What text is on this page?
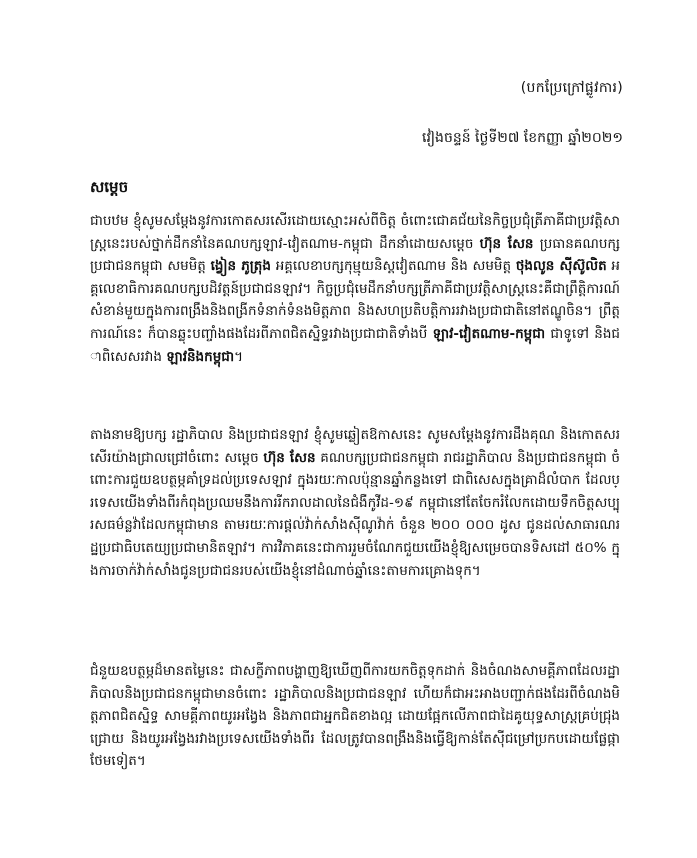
(បកប្រែក្រៅផ្លូវការ)
វៀងចន្ទន៍ ថ្ងៃទី២៧ ខែកញ្ញា ឆ្នាំ២០២១
សម្តេច
ជាបឋម ខ្ញុំសូមសម្តែងនូវការកោតសរសើរដោយស្មោះអស់ពីចិត្ត ចំពោះជោគជ័យនៃកិច្ចប្រជុំត្រីភាគីជាប្រវត្តិសាស្ត្រនេះរបស់ថ្នាក់ដឹកនាំនៃគណបក្សឡាវ-វៀតណាម-កម្ពុជា ដឹកនាំដោយសម្តេច ហ៊ុន សែន ប្រធានគណបក្សប្រជាជនកម្ពុជា សមមិត្ត ង្វៀន ភូត្រុង អគ្គលេខាបក្សកុម្មុយនិស្តវៀតណាម និង សមមិត្ត ថុងលូន ស៊ីស៊ូលិត អគ្គលេខាធិការគណបក្សបដិវត្តន៍ប្រជាជនឡាវ។ កិច្ចប្រជុំមេដឹកនាំបក្សត្រីភាគីជាប្រវត្តិសាស្ត្រនេះគឺជាព្រឹត្តិការណ៍សំខាន់មួយក្នុងការពង្រឹងនិងពង្រីកទំនាក់ទំនងមិត្តភាព និងសហប្រតិបត្តិការរវាងប្រជាជាតិនៅឥណ្ឌូចិន។ ព្រឹត្តការណ៍នេះ ក៏បានឆ្លុះបញ្ចាំងផងដែរពីភាពជិតស្និទ្ធរវាងប្រជាជាតិទាំងបី ឡាវ-វៀតណាម-កម្ពុជា ជាទូទៅ និងជាពិសេសរវាង ឡាវនិងកម្ពុជា។
តាងនាមឱ្យបក្ស រដ្ឋាភិបាល និងប្រជាជនឡាវ ខ្ញុំសូមឆ្លៀតឱកាសនេះ សូមសម្តែងនូវការដឹងគុណ និងកោតសរសើរយ៉ាងជ្រាលជ្រៅចំពោះ សម្តេច ហ៊ុន សែន គណបក្សប្រជាជនកម្ពុជា រាជរដ្ឋាភិបាល និងប្រជាជនកម្ពុជា ចំពោះការជួយឧបត្ថម្ភគាំទ្រដល់ប្រទេសឡាវ ក្នុងរយៈកាលប៉ុន្មានឆ្នាំកន្លងទៅ ជាពិសេសក្នុងគ្រាដ៏លំបាក ដែលប្រទេសយើងទាំងពីរកំពុងប្រឈមនឹងការរីករាលដាលនៃជំងឺកូវីដ-១៩ កម្ពុជានៅតែចែករំលែកដោយទឹកចិត្តសប្បុរសធម៌ន្លវ៉ាដែលកម្ពុជាមាន តាមរយៈការផ្តល់វ៉ាក់សាំងស៊ីណូវ៉ាក់ ចំនួន ២០០ ០០០ ដូស ជូនដល់សាធារណរដ្ឋប្រជាធិបតេយ្យប្រជាមានិតឡាវ។ ការវិភាគនេះជាការរួមចំណែកជួយយើងខ្ញុំឱ្យសម្រេចបានទិសដៅ ៥០% ក្នុងការចាក់វ៉ាក់សាំងជូនប្រជាជនរបស់យើងខ្ញុំនៅដំណាច់ឆ្នាំនេះតាមការគ្រោងទុក។
ជំនួយឧបត្ថម្ភដ៏មានតម្លៃនេះ ជាសក្ខីភាពបង្ហាញឱ្យឃើញពីការយកចិត្តទុកដាក់ និងចំណងសាមគ្គីភាពដែលរដ្ឋាភិបាលនិងប្រជាជនកម្ពុជាមានចំពោះ រដ្ឋាភិបាលនិងប្រជាជនឡាវ ហើយក៏ជាអះអាងបញ្ជាក់ផងដែរពីចំណងមិត្តភាពជិតស្និទ្ធ សាមគ្គីភាពយូរអង្វែង និងភាពជាអ្នកជិតខាងល្អ ដោយផ្អែកលើភាពជាដៃគូយុទ្ធសាស្ត្រគ្រប់ជ្រុងជ្រោយ និងយូរអង្វែងរវាងប្រទេសយើងទាំងពីរ ដែលត្រូវបានពង្រឹងនិងធ្វើឱ្យកាន់តែស៊ីជម្រៅប្រកបដោយផ្លែផ្កាថែមទៀត។
